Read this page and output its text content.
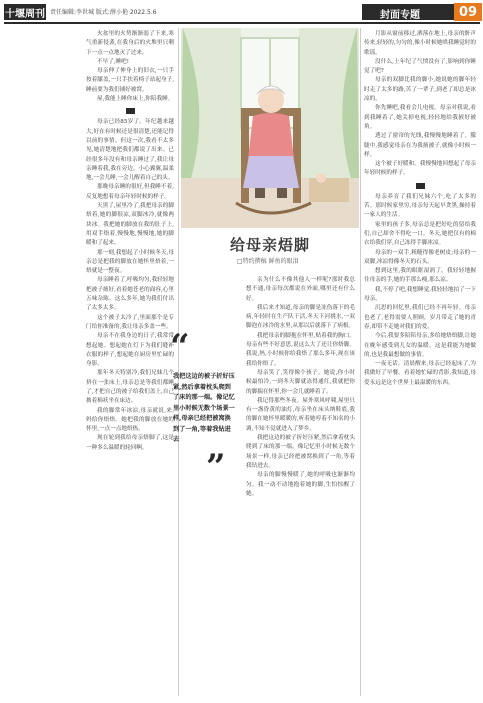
十堰周刊 责任编辑:李世城 版式:薛小艳 2022.5.6	封面专题	09

火盆里的火势渐渐弱了下来,寒气重新侵袭,在我身后的火堆里只剩下一点一点地灭了过来。

不早了,睡吧!

母亲伸了伸身上的旧衣,一只手按着膝盖,一只手扶着椅子站起身子,睡前要为我们铺好被窝。

屋,我能上睡你床上,你陪我睡。

母亲已经85岁了。年纪越来越大,好在有时候还是很清楚,还能记得以前的事情。但这一次,我看不太多见,她清楚地把我们都说了出来。已经很多年没有和母亲睡过了,我让母亲睡着我,我在旁边。小心翼翼,温柔地,一会儿睡,一会儿醒着自己的头。

那晚母亲睡的很好,但我睡不着,反复地想着母亲年轻时候的样子。

天黑了,屋里冷了,我把母亲的脚焐着,她的脚很凉,双脚冰冷,就像两块冰。我把她的脚放在我的肚子上,用双手焐着,慢慢地,慢慢地,她的脚暖和了起来。

那一刻,我想起了小时候冬天,母亲总是把我的脚放在她怀里焐着,一焐就是一整夜。

母亲睡着了,呼吸均匀,我轻轻地把被子掖好,看着她苍老的面容,心里五味杂陈。这么多年,她为我们付出了太多太多。

这个被子太冷了,里面那个是专门给你准备的,我让母亲多盖一些。

母亲不在我身边的日子,我常常想起她。想起她在灯下为我们缝补衣服的样子,想起她在厨房里忙碌的身影。

那年冬天特别冷,我们兄妹几个挤在一张床上,母亲总是等我们都睡了,才把自己的被子给我们盖上,自己披着棉袄坐在床边。

我的脚常年冰凉,母亲就说,来,妈给你焐焐。她把我的脚放在她的怀里,一点一点地焐热。

现在轮到我给母亲焐脚了,这是一种多么温暖的轮回啊。

给母亲焐脚
□特约撰稿 鲜鱼的眼泪
“
我把这边的被子折好压紧,然后拿着枕头爬到了床的那一端。像记忆里小时候无数个场景一样,母亲已经把被窝换到了一角,等着我钻进去
”

亲为什么不像其他人一样呢?那时我总想不通,母亲每次都说在外面,哪里还有什么好。

我后来才知道,母亲的脚是冻伤落下的毛病,年轻时在生产队干活,冬天下河挑水,一双脚泡在冰冷的水里,从那以后就落下了病根。

我把母亲的脚抱在怀里,贴着我的胸口。母亲有些不好意思,说这么大了还让你焐脚。我说,妈,小时候你给我焐了那么多年,现在该我给你焐了。

母亲笑了,笑得像个孩子。她说,你小时候最怕冷,一到冬天脚就冻得通红,我就把你的脚揣在怀里,你一会儿就睡着了。

我记得那些冬夜。屋外寒风呼啸,屋里只有一盏昏黄的油灯,母亲坐在床头纳鞋底,我的脚在她怀里暖暖的,听着她哼着不知名的小调,不知不觉就进入了梦乡。

我把这边的被子折好压紧,然后拿着枕头爬到了床的那一端。像记忆里小时候无数个场景一样,母亲已经把被窝换到了一角,等着我钻进去。

母亲的脚慢慢暖了,她的呼吸也渐渐均匀。我一动不动地抱着她的脚,生怕惊醒了她。

月影从窗前移过,洒落在地上,母亲的鼾声传来,轻轻的,匀匀的,像小时候她哄我睡觉时的歌谣。

没什么,上年纪了气愤没有了,影响到你睡觉了吧?

母亲的双脚比我的脚小,她说她的脚年轻时走了太多的路,苦了一辈子,到老了却总是冰凉的。

你先睡吧,我看会儿电视。母亲对我说,看到我睡着了,她关掉电视,轻轻地给我掖好被角。

透过了窗帘的光线,我慢慢地睡着了。朦胧中,我感觉母亲在为我掖被子,就像小时候一样。

这个被子好暖和。我慢慢地回想起了母亲年轻时候的样子。

母亲养育了我们兄妹六个,吃了太多的苦。那时候家里穷,母亲每天起早贪黑,操持着一家人的生活。

家里的孩子多,母亲总是把好吃的留给我们,自己却舍不得吃一口。冬天,她把仅有的棉衣给我们穿,自己冻得手脚冰凉。

母亲的一双手,粗糙得像老树皮;母亲的一双脚,冰凉得像冬天的石头。

想到这里,我的眼眶湿润了。我轻轻地握住母亲的手,她的手那么瘦,那么凉。

我,不停了吧,我想睡觉,我轻轻地拍了一下母亲。

沉思的回忆里,我们已经不再年轻。母亲也老了,老得需要人照顾。岁月带走了她的青春,却带不走她对我们的爱。

今后,我要多陪陪母亲,多给她焐焐脚,让她在晚年感受到儿女的温暖。这是我能为她做的,也是我最想做的事情。

一夜无话。清晨醒来,母亲已经起床了,为我做好了早餐。看着她忙碌的背影,我知道,母爱永远是这个世界上最温暖的东西。
